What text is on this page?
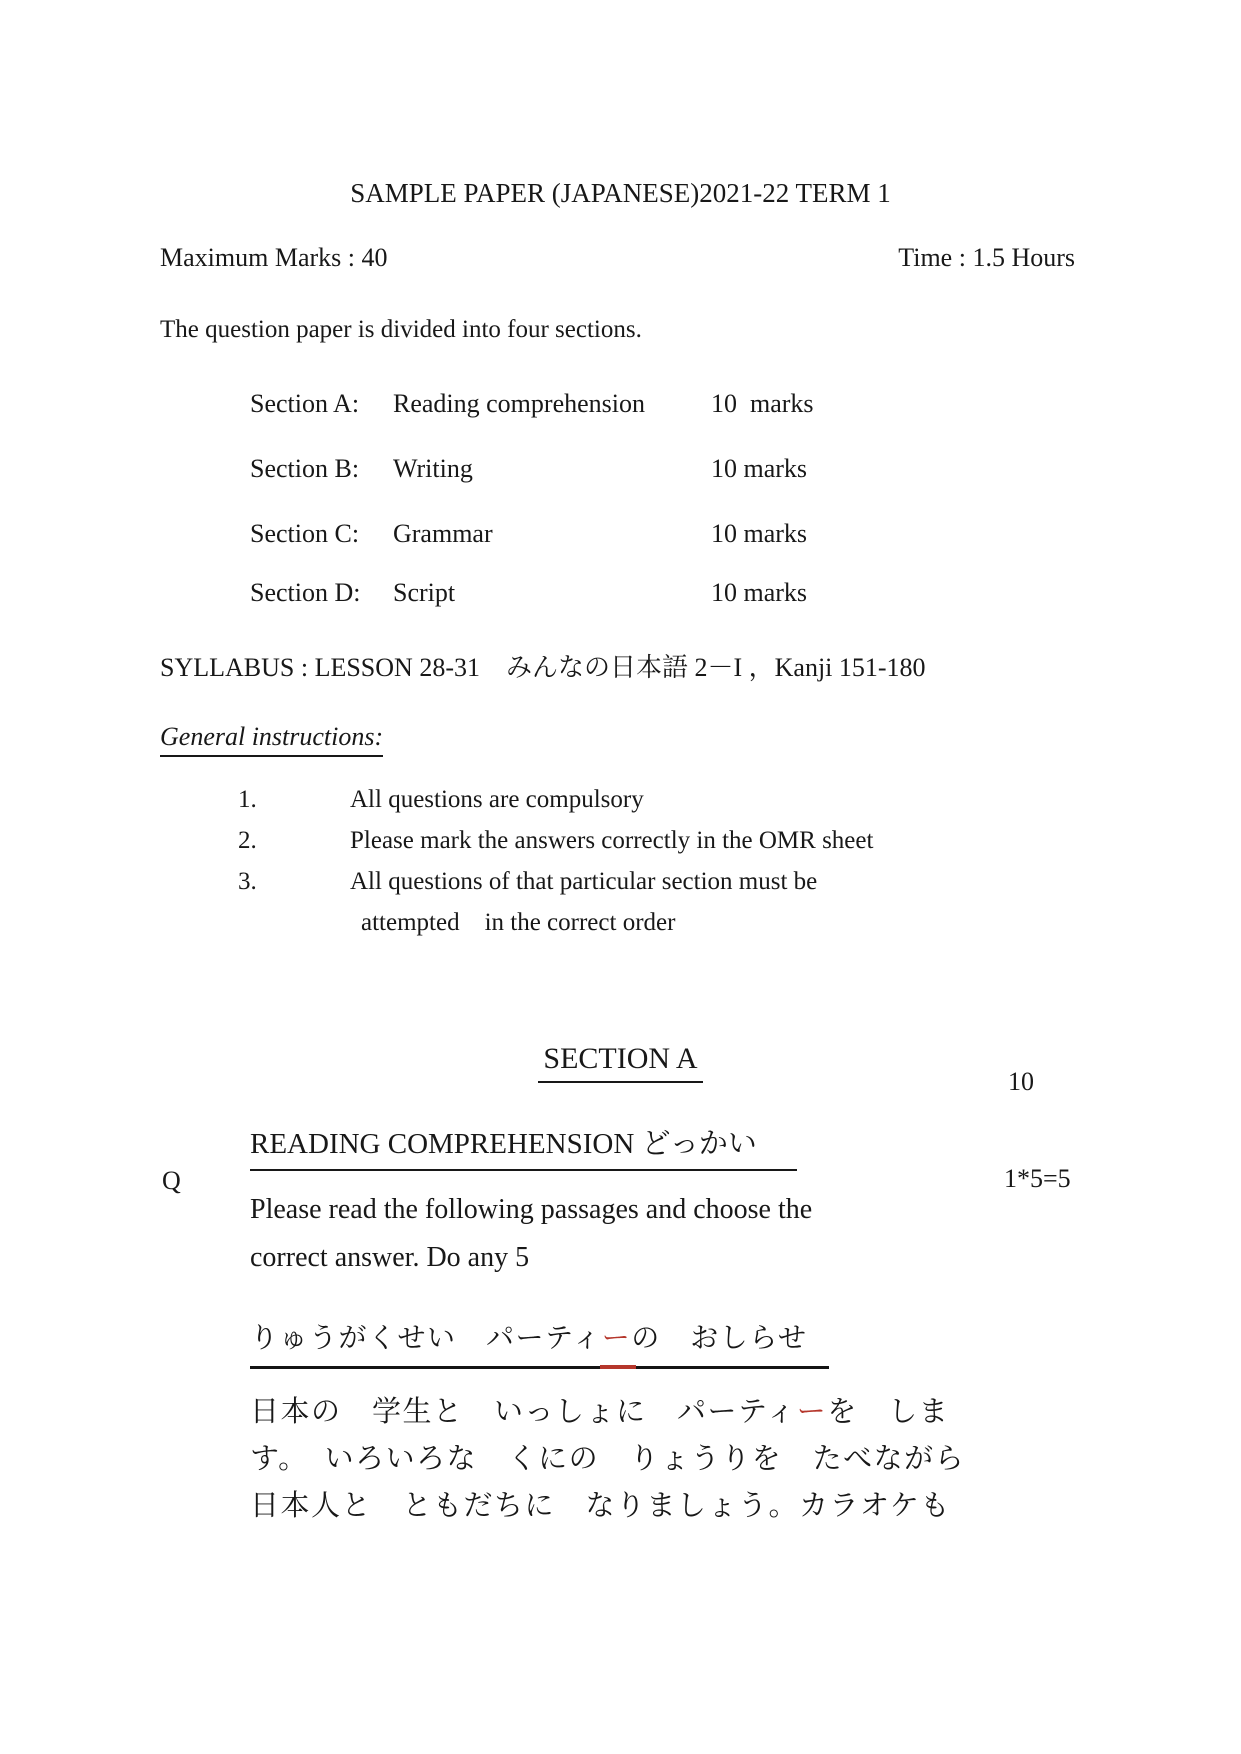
SAMPLE PAPER (JAPANESE)2021-22 TERM 1
Maximum Marks : 40	Time : 1.5 Hours
The question paper is divided into four sections.
Section A:	Reading comprehension	10  marks
Section B:	Writing	10 marks
Section C:	Grammar	10 marks
Section D:	Script	10 marks
SYLLABUS : LESSON 28-31　みんなの日本語 2－I ，Kanji 151-180
General instructions:
1.	All questions are compulsory
2.	Please mark the answers correctly in the OMR sheet
3.	All questions of that particular section must be
attempted    in the correct order
SECTION A
10
READING COMPREHENSION どっかい
Q	1*5=5
Please read the following passages and choose the
correct answer. Do any 5
りゅうがくせい　パーティーの　おしらせ
日本の　学生と　いっしょに　パーティーを　しま
す。　いろいろな　くにの　りょうりを　たべながら
日本人と　ともだちに　なりましょう。カラオケも
